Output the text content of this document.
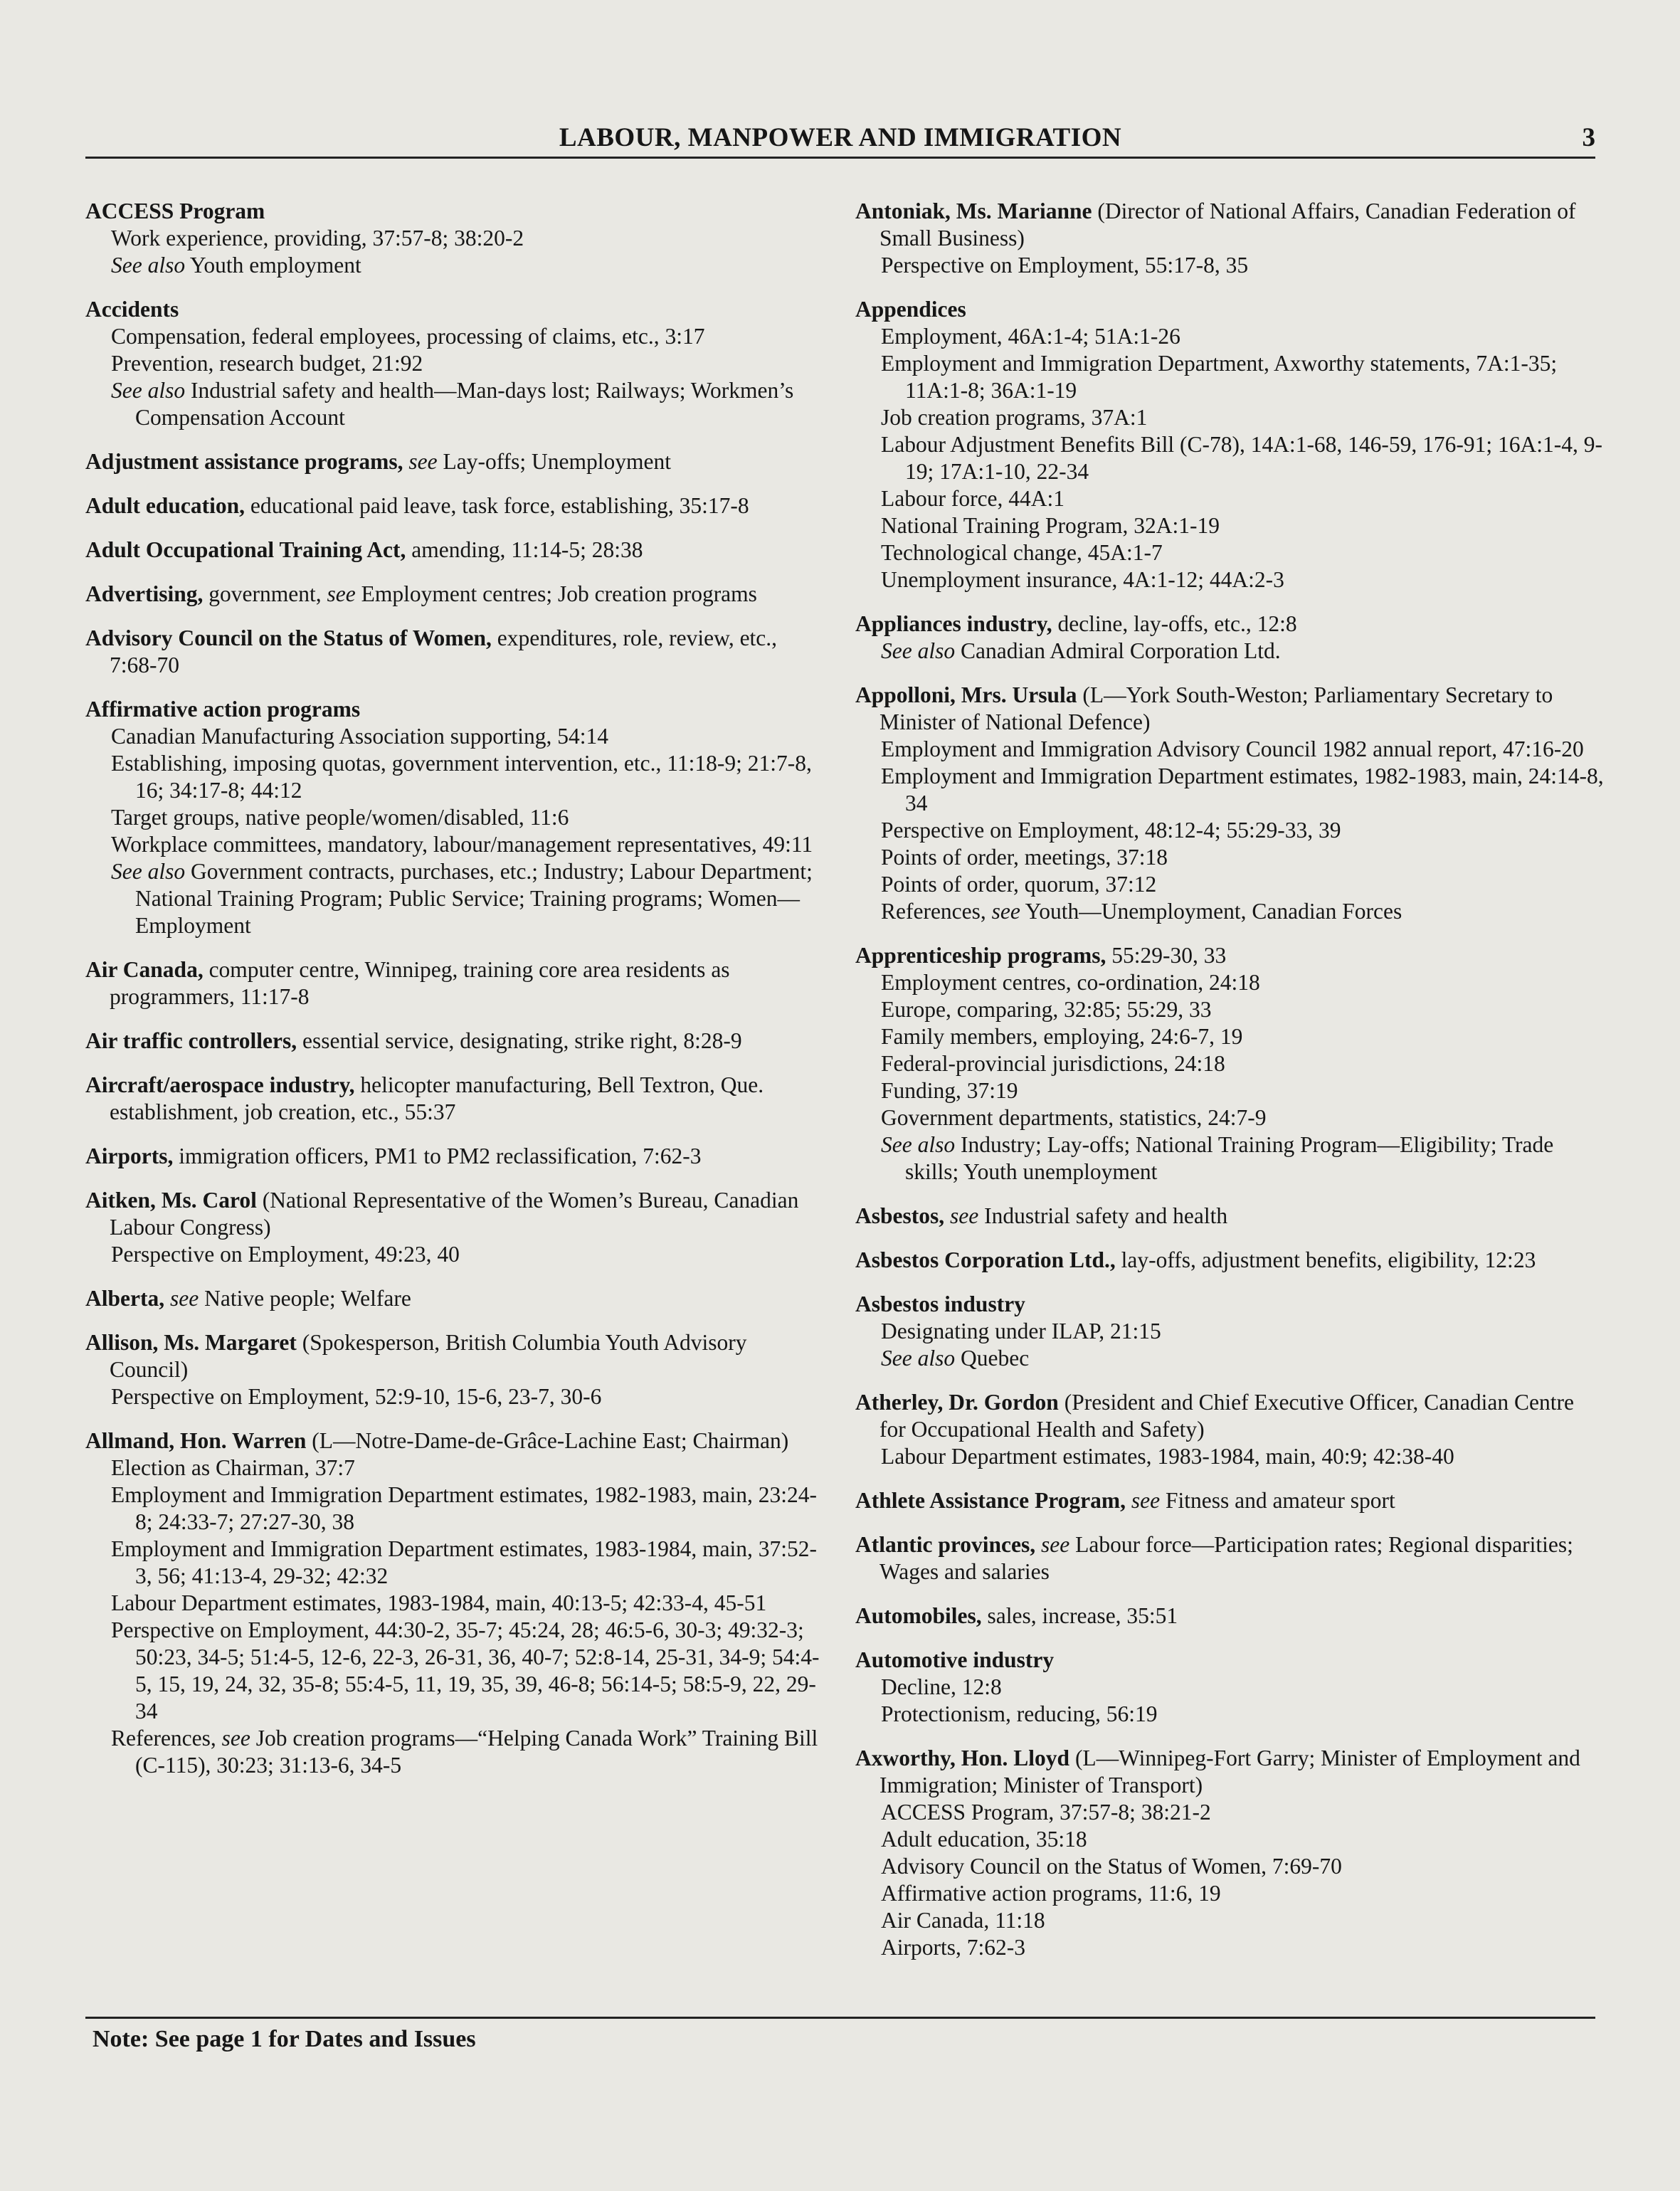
LABOUR, MANPOWER AND IMMIGRATION	3
ACCESS Program
Work experience, providing, 37:57-8; 38:20-2
See also Youth employment
Accidents
Compensation, federal employees, processing of claims, etc., 3:17
Prevention, research budget, 21:92
See also Industrial safety and health—Man-days lost; Railways; Workmen’s Compensation Account
Adjustment assistance programs, see Lay-offs; Unemployment
Adult education, educational paid leave, task force, establishing, 35:17-8
Adult Occupational Training Act, amending, 11:14-5; 28:38
Advertising, government, see Employment centres; Job creation programs
Advisory Council on the Status of Women, expenditures, role, review, etc., 7:68-70
Affirmative action programs
Canadian Manufacturing Association supporting, 54:14
Establishing, imposing quotas, government intervention, etc., 11:18-9; 21:7-8, 16; 34:17-8; 44:12
Target groups, native people/women/disabled, 11:6
Workplace committees, mandatory, labour/management representatives, 49:11
See also Government contracts, purchases, etc.; Industry; Labour Department; National Training Program; Public Service; Training programs; Women—Employment
Air Canada, computer centre, Winnipeg, training core area residents as programmers, 11:17-8
Air traffic controllers, essential service, designating, strike right, 8:28-9
Aircraft/aerospace industry, helicopter manufacturing, Bell Textron, Que. establishment, job creation, etc., 55:37
Airports, immigration officers, PM1 to PM2 reclassification, 7:62-3
Aitken, Ms. Carol (National Representative of the Women’s Bureau, Canadian Labour Congress)
Perspective on Employment, 49:23, 40
Alberta, see Native people; Welfare
Allison, Ms. Margaret (Spokesperson, British Columbia Youth Advisory Council)
Perspective on Employment, 52:9-10, 15-6, 23-7, 30-6
Allmand, Hon. Warren (L—Notre-Dame-de-Grâce-Lachine East; Chairman)
Election as Chairman, 37:7
Employment and Immigration Department estimates, 1982-1983, main, 23:24-8; 24:33-7; 27:27-30, 38
Employment and Immigration Department estimates, 1983-1984, main, 37:52-3, 56; 41:13-4, 29-32; 42:32
Labour Department estimates, 1983-1984, main, 40:13-5; 42:33-4, 45-51
Perspective on Employment, 44:30-2, 35-7; 45:24, 28; 46:5-6, 30-3; 49:32-3; 50:23, 34-5; 51:4-5, 12-6, 22-3, 26-31, 36, 40-7; 52:8-14, 25-31, 34-9; 54:4-5, 15, 19, 24, 32, 35-8; 55:4-5, 11, 19, 35, 39, 46-8; 56:14-5; 58:5-9, 22, 29-34
References, see Job creation programs—“Helping Canada Work” Training Bill (C-115), 30:23; 31:13-6, 34-5
Antoniak, Ms. Marianne (Director of National Affairs, Canadian Federation of Small Business)
Perspective on Employment, 55:17-8, 35
Appendices
Employment, 46A:1-4; 51A:1-26
Employment and Immigration Department, Axworthy statements, 7A:1-35; 11A:1-8; 36A:1-19
Job creation programs, 37A:1
Labour Adjustment Benefits Bill (C-78), 14A:1-68, 146-59, 176-91; 16A:1-4, 9-19; 17A:1-10, 22-34
Labour force, 44A:1
National Training Program, 32A:1-19
Technological change, 45A:1-7
Unemployment insurance, 4A:1-12; 44A:2-3
Appliances industry, decline, lay-offs, etc., 12:8
See also Canadian Admiral Corporation Ltd.
Appolloni, Mrs. Ursula (L—York South-Weston; Parliamentary Secretary to Minister of National Defence)
Employment and Immigration Advisory Council 1982 annual report, 47:16-20
Employment and Immigration Department estimates, 1982-1983, main, 24:14-8, 34
Perspective on Employment, 48:12-4; 55:29-33, 39
Points of order, meetings, 37:18
Points of order, quorum, 37:12
References, see Youth—Unemployment, Canadian Forces
Apprenticeship programs, 55:29-30, 33
Employment centres, co-ordination, 24:18
Europe, comparing, 32:85; 55:29, 33
Family members, employing, 24:6-7, 19
Federal-provincial jurisdictions, 24:18
Funding, 37:19
Government departments, statistics, 24:7-9
See also Industry; Lay-offs; National Training Program—Eligibility; Trade skills; Youth unemployment
Asbestos, see Industrial safety and health
Asbestos Corporation Ltd., lay-offs, adjustment benefits, eligibility, 12:23
Asbestos industry
Designating under ILAP, 21:15
See also Quebec
Atherley, Dr. Gordon (President and Chief Executive Officer, Canadian Centre for Occupational Health and Safety)
Labour Department estimates, 1983-1984, main, 40:9; 42:38-40
Athlete Assistance Program, see Fitness and amateur sport
Atlantic provinces, see Labour force—Participation rates; Regional disparities; Wages and salaries
Automobiles, sales, increase, 35:51
Automotive industry
Decline, 12:8
Protectionism, reducing, 56:19
Axworthy, Hon. Lloyd (L—Winnipeg-Fort Garry; Minister of Employment and Immigration; Minister of Transport)
ACCESS Program, 37:57-8; 38:21-2
Adult education, 35:18
Advisory Council on the Status of Women, 7:69-70
Affirmative action programs, 11:6, 19
Air Canada, 11:18
Airports, 7:62-3
Note: See page 1 for Dates and Issues
